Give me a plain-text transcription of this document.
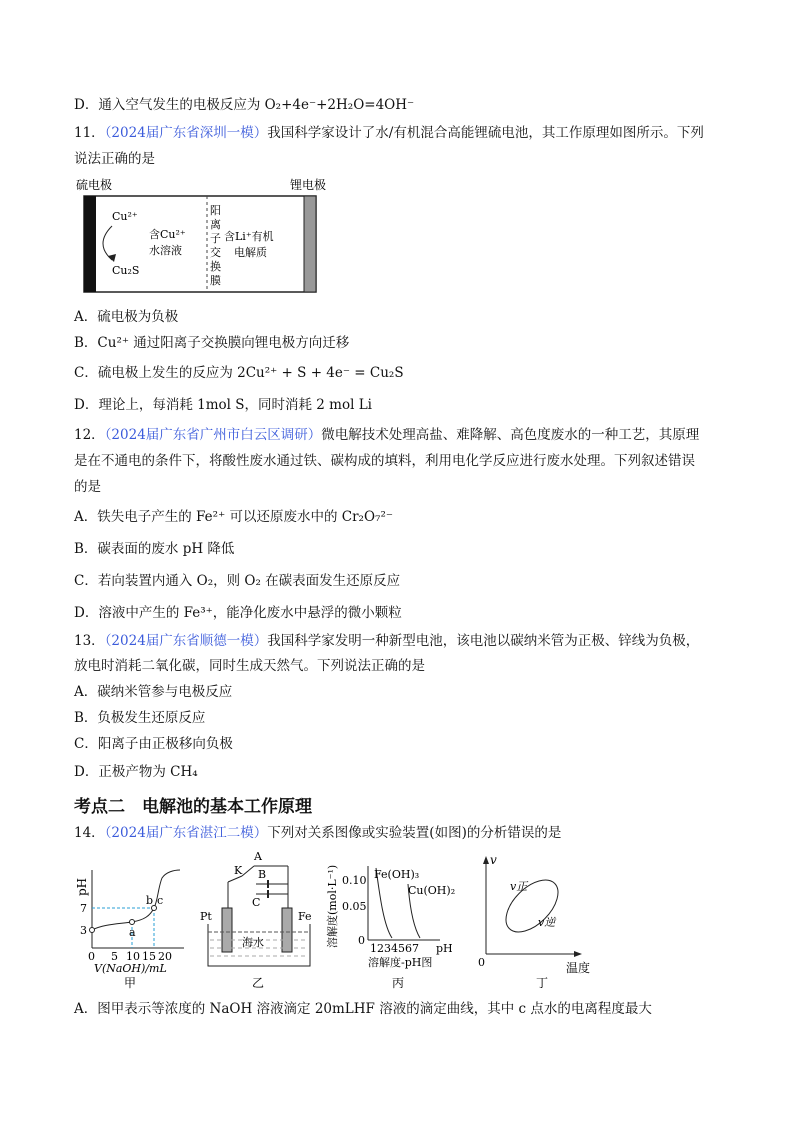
D．通入空气发生的电极反应为 O₂+4e⁻+2H₂O=4OH⁻
11．（2024届广东省深圳一模）我国科学家设计了水/有机混合高能锂硫电池，其工作原理如图所示。下列
说法正确的是
硫电极	锂电极
Cu²⁺
Cu₂S
含Cu²⁺
水溶液
阳
离
子
交
换
膜
含Li⁺有机
电解质
A．硫电极为负极
B．Cu²⁺ 通过阳离子交换膜向锂电极方向迁移
C．硫电极上发生的反应为 2Cu²⁺ + S + 4e⁻ = Cu₂S
D．理论上，每消耗 1mol S，同时消耗 2 mol Li
12．（2024届广东省广州市白云区调研）微电解技术处理高盐、难降解、高色度废水的一种工艺，其原理
是在不通电的条件下，将酸性废水通过铁、碳构成的填料，利用电化学反应进行废水处理。下列叙述错误
的是
A．铁失电子产生的 Fe²⁺ 可以还原废水中的 Cr₂O₇²⁻
B．碳表面的废水 pH 降低
C．若向装置内通入 O₂，则 O₂ 在碳表面发生还原反应
D．溶液中产生的 Fe³⁺，能净化废水中悬浮的微小颗粒
13．（2024届广东省顺德一模）我国科学家发明一种新型电池，该电池以碳纳米管为正极、锌线为负极，
放电时消耗二氧化碳，同时生成天然气。下列说法正确的是
A．碳纳米管参与电极反应
B．负极发生还原反应
C．阳离子由正极移向负极
D．正极产物为 CH₄
考点二　电解池的基本工作原理
14．（2024届广东省湛江二模）下列对关系图像或实验装置(如图)的分析错误的是
pH
3
7
a
b c
0 5 10 15 20
V(NaOH)/mL
甲
A
B
C
K
Pt	Fe
海水
乙
溶解度(mol·L⁻¹) 0.10
0.05
0
Fe(OH)₃
Cu(OH)₂
1234567 pH
溶解度-pH图
丙
v
0	温度
v正
v逆
丁
A．图甲表示等浓度的 NaOH 溶液滴定 20mLHF 溶液的滴定曲线，其中 c 点水的电离程度最大
